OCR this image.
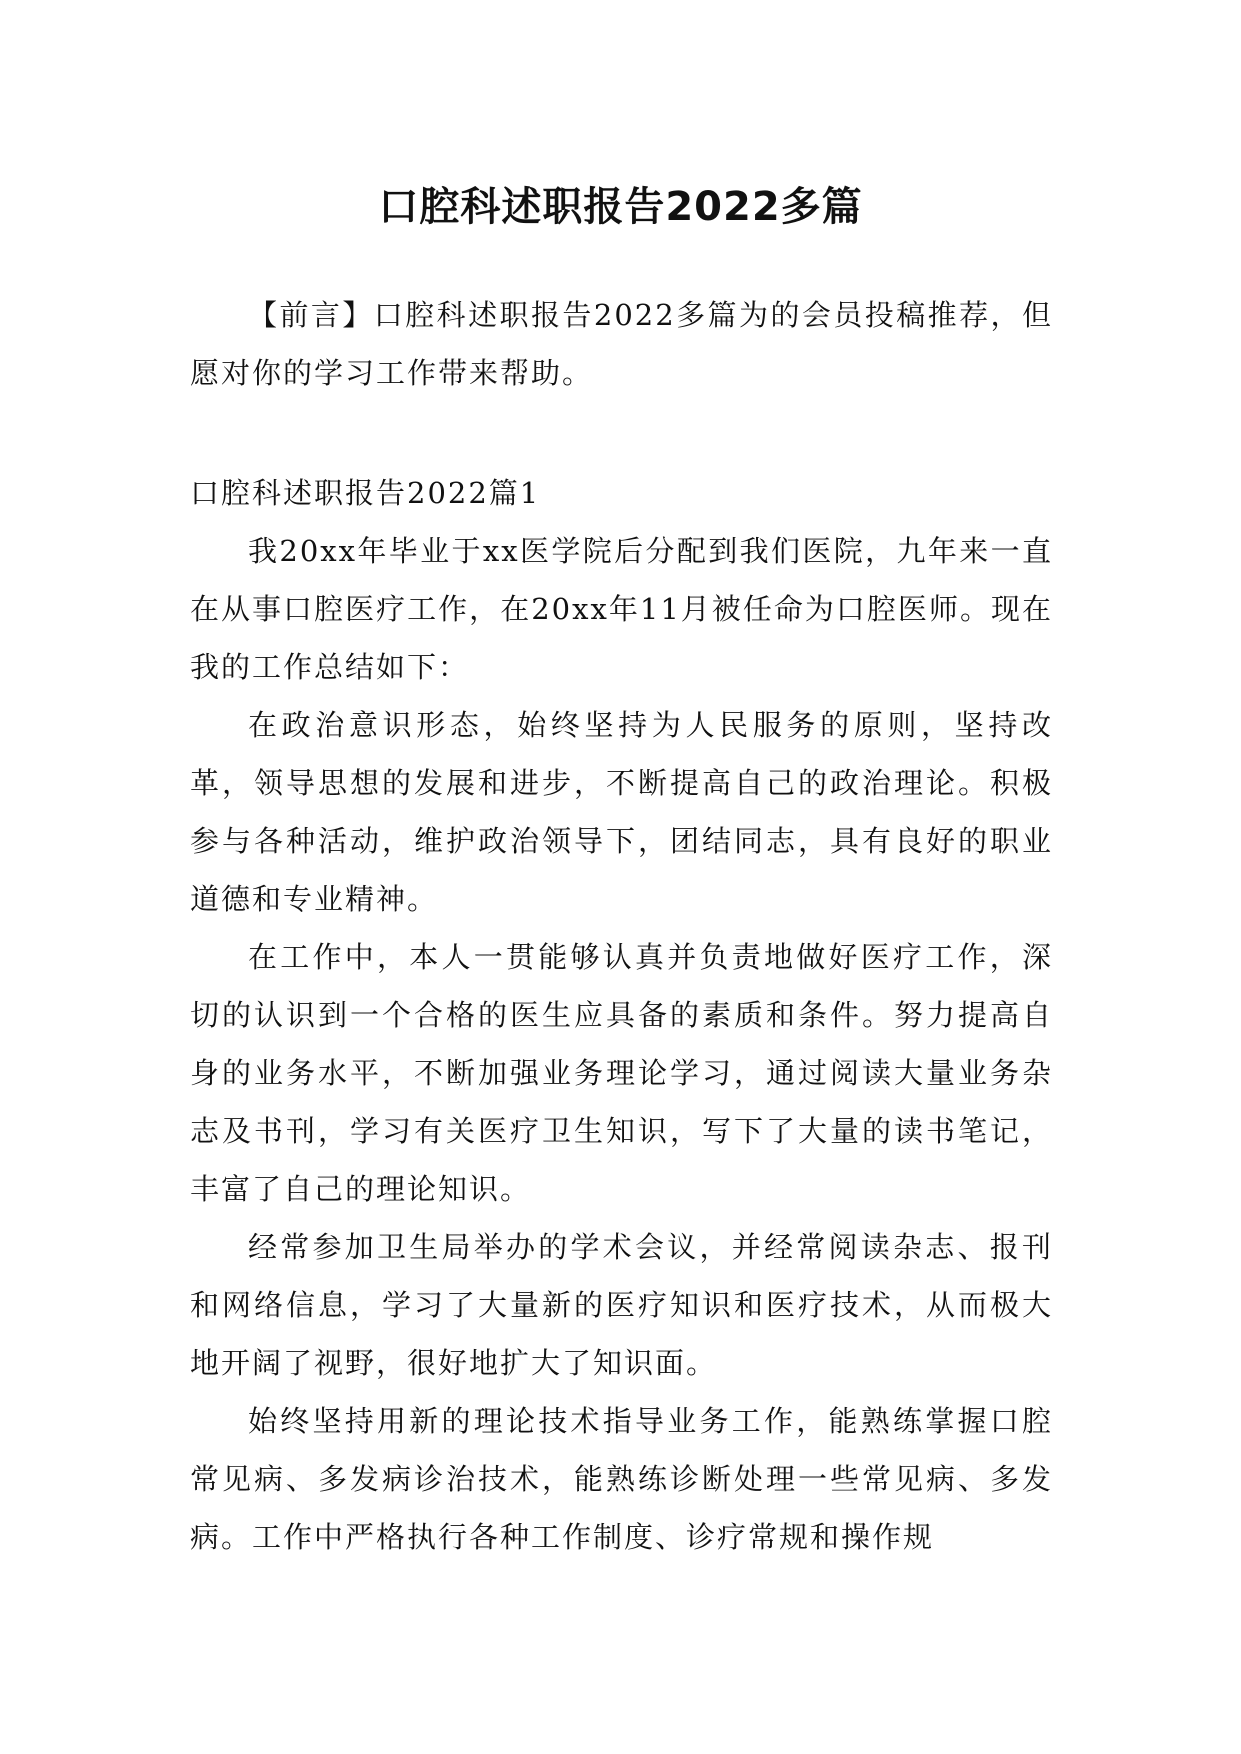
口腔科述职报告2022多篇

【前言】口腔科述职报告2022多篇为的会员投稿推荐，但愿对你的学习工作带来帮助。

口腔科述职报告2022篇1

我20xx年毕业于xx医学院后分配到我们医院，九年来一直在从事口腔医疗工作，在20xx年11月被任命为口腔医师。现在我的工作总结如下：

在政治意识形态，始终坚持为人民服务的原则，坚持改革，领导思想的发展和进步，不断提高自己的政治理论。积极参与各种活动，维护政治领导下，团结同志，具有良好的职业道德和专业精神。

在工作中，本人一贯能够认真并负责地做好医疗工作，深切的认识到一个合格的医生应具备的素质和条件。努力提高自身的业务水平，不断加强业务理论学习，通过阅读大量业务杂志及书刊，学习有关医疗卫生知识，写下了大量的读书笔记，丰富了自己的理论知识。

经常参加卫生局举办的学术会议，并经常阅读杂志、报刊和网络信息，学习了大量新的医疗知识和医疗技术，从而极大地开阔了视野，很好地扩大了知识面。

始终坚持用新的理论技术指导业务工作，能熟练掌握口腔常见病、多发病诊治技术，能熟练诊断处理一些常见病、多发病。工作中严格执行各种工作制度、诊疗常规和操作规
